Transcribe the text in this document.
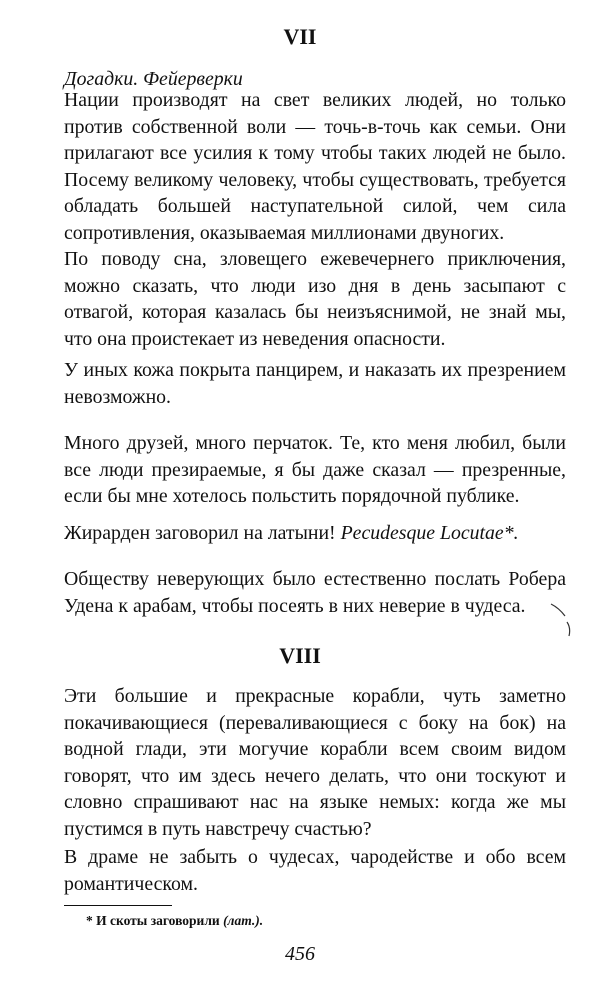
VII
Догадки. Фейерверки
Нации производят на свет великих людей, но только против собственной воли — точь-в-точь как семьи. Они прилагают все усилия к тому чтобы таких людей не было. Посему великому человеку, чтобы существовать, требуется обладать большей наступательной силой, чем сила сопротивления, оказываемая миллионами двуногих.
По поводу сна, зловещего ежевечернего приключения, можно сказать, что люди изо дня в день засыпают с отвагой, которая казалась бы неизъяснимой, не знай мы, что она проистекает из неведения опасности.
У иных кожа покрыта панцирем, и наказать их презрением невозможно.
Много друзей, много перчаток. Те, кто меня любил, были все люди презираемые, я бы даже сказал — презренные, если бы мне хотелось польстить порядочной публике.
Жирарден заговорил на латыни! Pecudesque Locutae*.
Обществу неверующих было естественно послать Робера Удена к арабам, чтобы посеять в них неверие в чудеса.
VIII
Эти большие и прекрасные корабли, чуть заметно покачивающиеся (переваливающиеся с боку на бок) на водной глади, эти могучие корабли всем своим видом говорят, что им здесь нечего делать, что они тоскуют и словно спрашивают нас на языке немых: когда же мы пустимся в путь навстречу счастью?
В драме не забыть о чудесах, чародействе и обо всем романтическом.
* И скоты заговорили (лат.).
456
